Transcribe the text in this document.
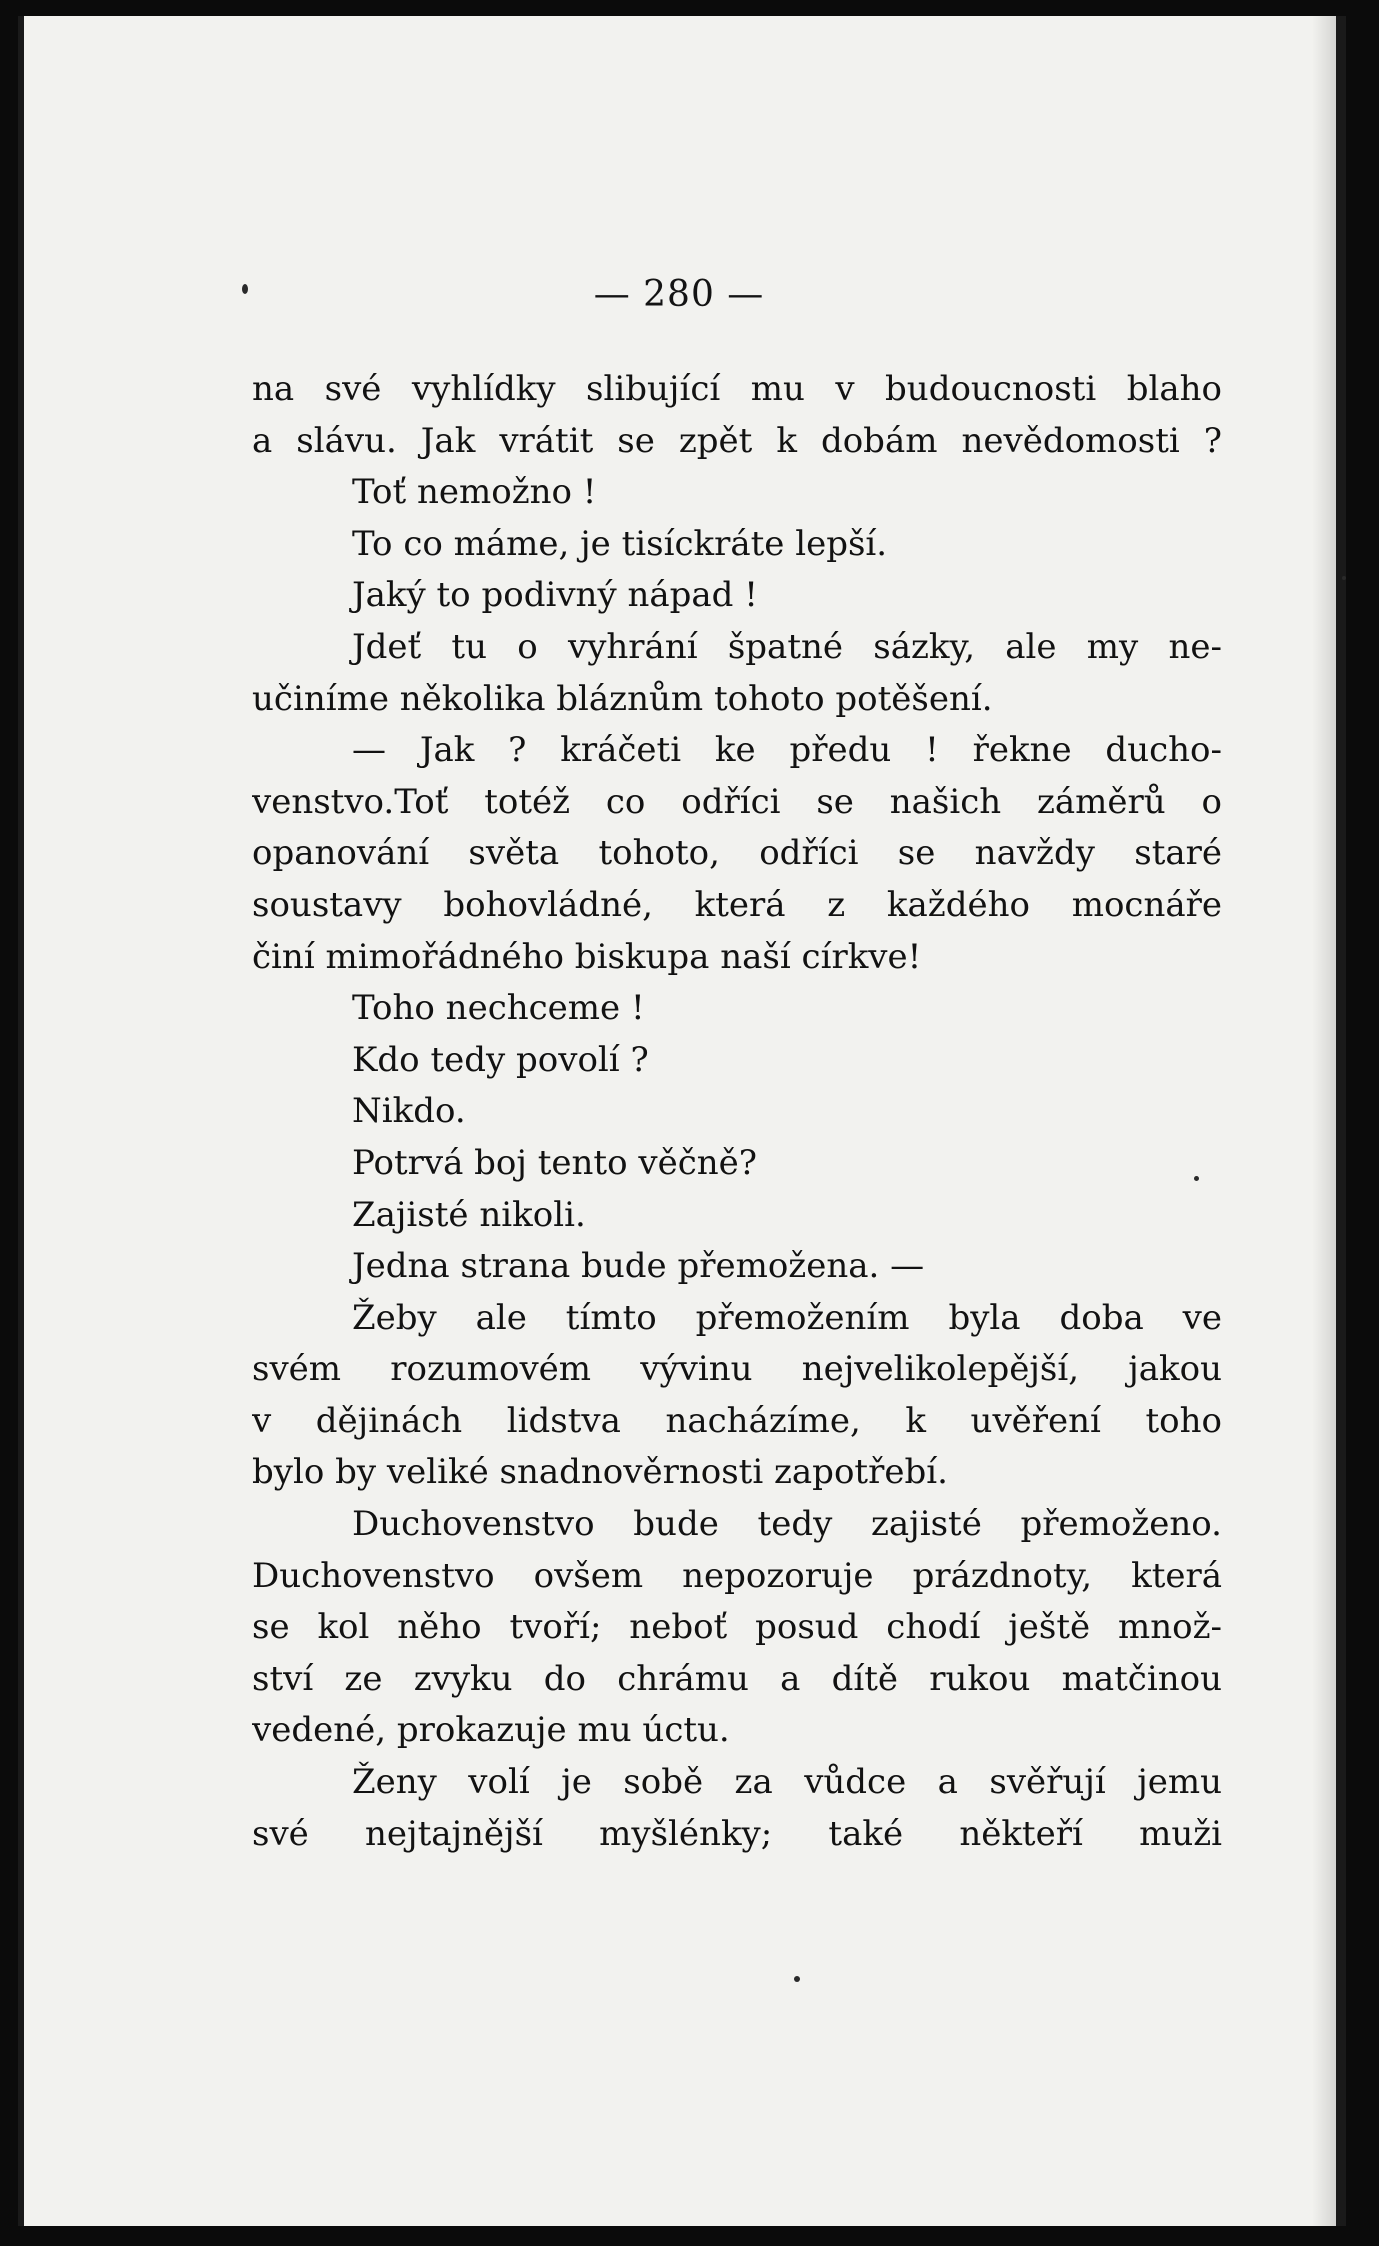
— 280 —
na své vyhlídky slibující mu v budoucnosti blaho
a slávu. Jak vrátit se zpět k dobám nevědomosti ?
Toť nemožno !
To co máme, je tisíckráte lepší.
Jaký to podivný nápad !
Jdeť tu o vyhrání špatné sázky, ale my ne-
učiníme několika bláznům tohoto potěšení.
— Jak ? kráčeti ke předu ! řekne ducho-
venstvo.Toť totéž co odříci se našich záměrů o
opanování světa tohoto, odříci se navždy staré
soustavy bohovládné, která z každého mocnáře
činí mimořádného biskupa naší církve!
Toho nechceme !
Kdo tedy povolí ?
Nikdo.
Potrvá boj tento věčně?
Zajisté nikoli.
Jedna strana bude přemožena. —
Žeby ale tímto přemožením byla doba ve
svém rozumovém vývinu nejvelikolepější, jakou
v dějinách lidstva nacházíme, k uvěření toho
bylo by veliké snadnověrnosti zapotřebí.
Duchovenstvo bude tedy zajisté přemoženo.
Duchovenstvo ovšem nepozoruje prázdnoty, která
se kol něho tvoří; neboť posud chodí ještě množ-
ství ze zvyku do chrámu a dítě rukou matčinou
vedené, prokazuje mu úctu.
Ženy volí je sobě za vůdce a svěřují jemu
své nejtajnější myšlénky; také někteří muži
